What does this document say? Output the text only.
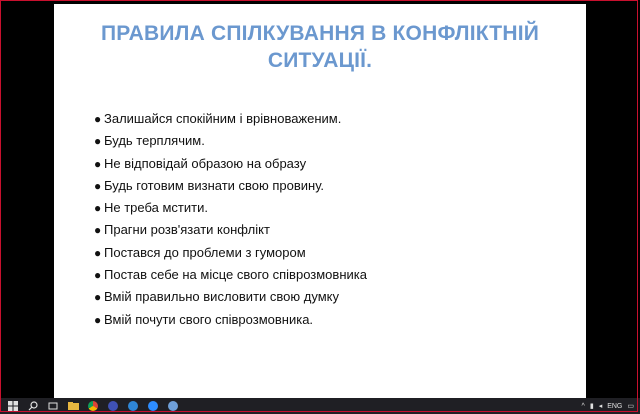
ПРАВИЛА СПІЛКУВАННЯ В КОНФЛІКТНІЙ
СИТУАЦІЇ.
● Залишайся спокійним і врівноваженим.
● Будь терплячим.
● Не відповідай образою на образу
● Будь готовим визнати свою провину.
● Не треба мстити.
● Прагни розв'язати конфлікт
● Постався до проблеми з гумором
● Постав себе на місце свого співрозмовника
● Вмій правильно висловити свою думку
● Вмій почути свого співрозмовника.
^ ▮ ◂ ENG ▭
